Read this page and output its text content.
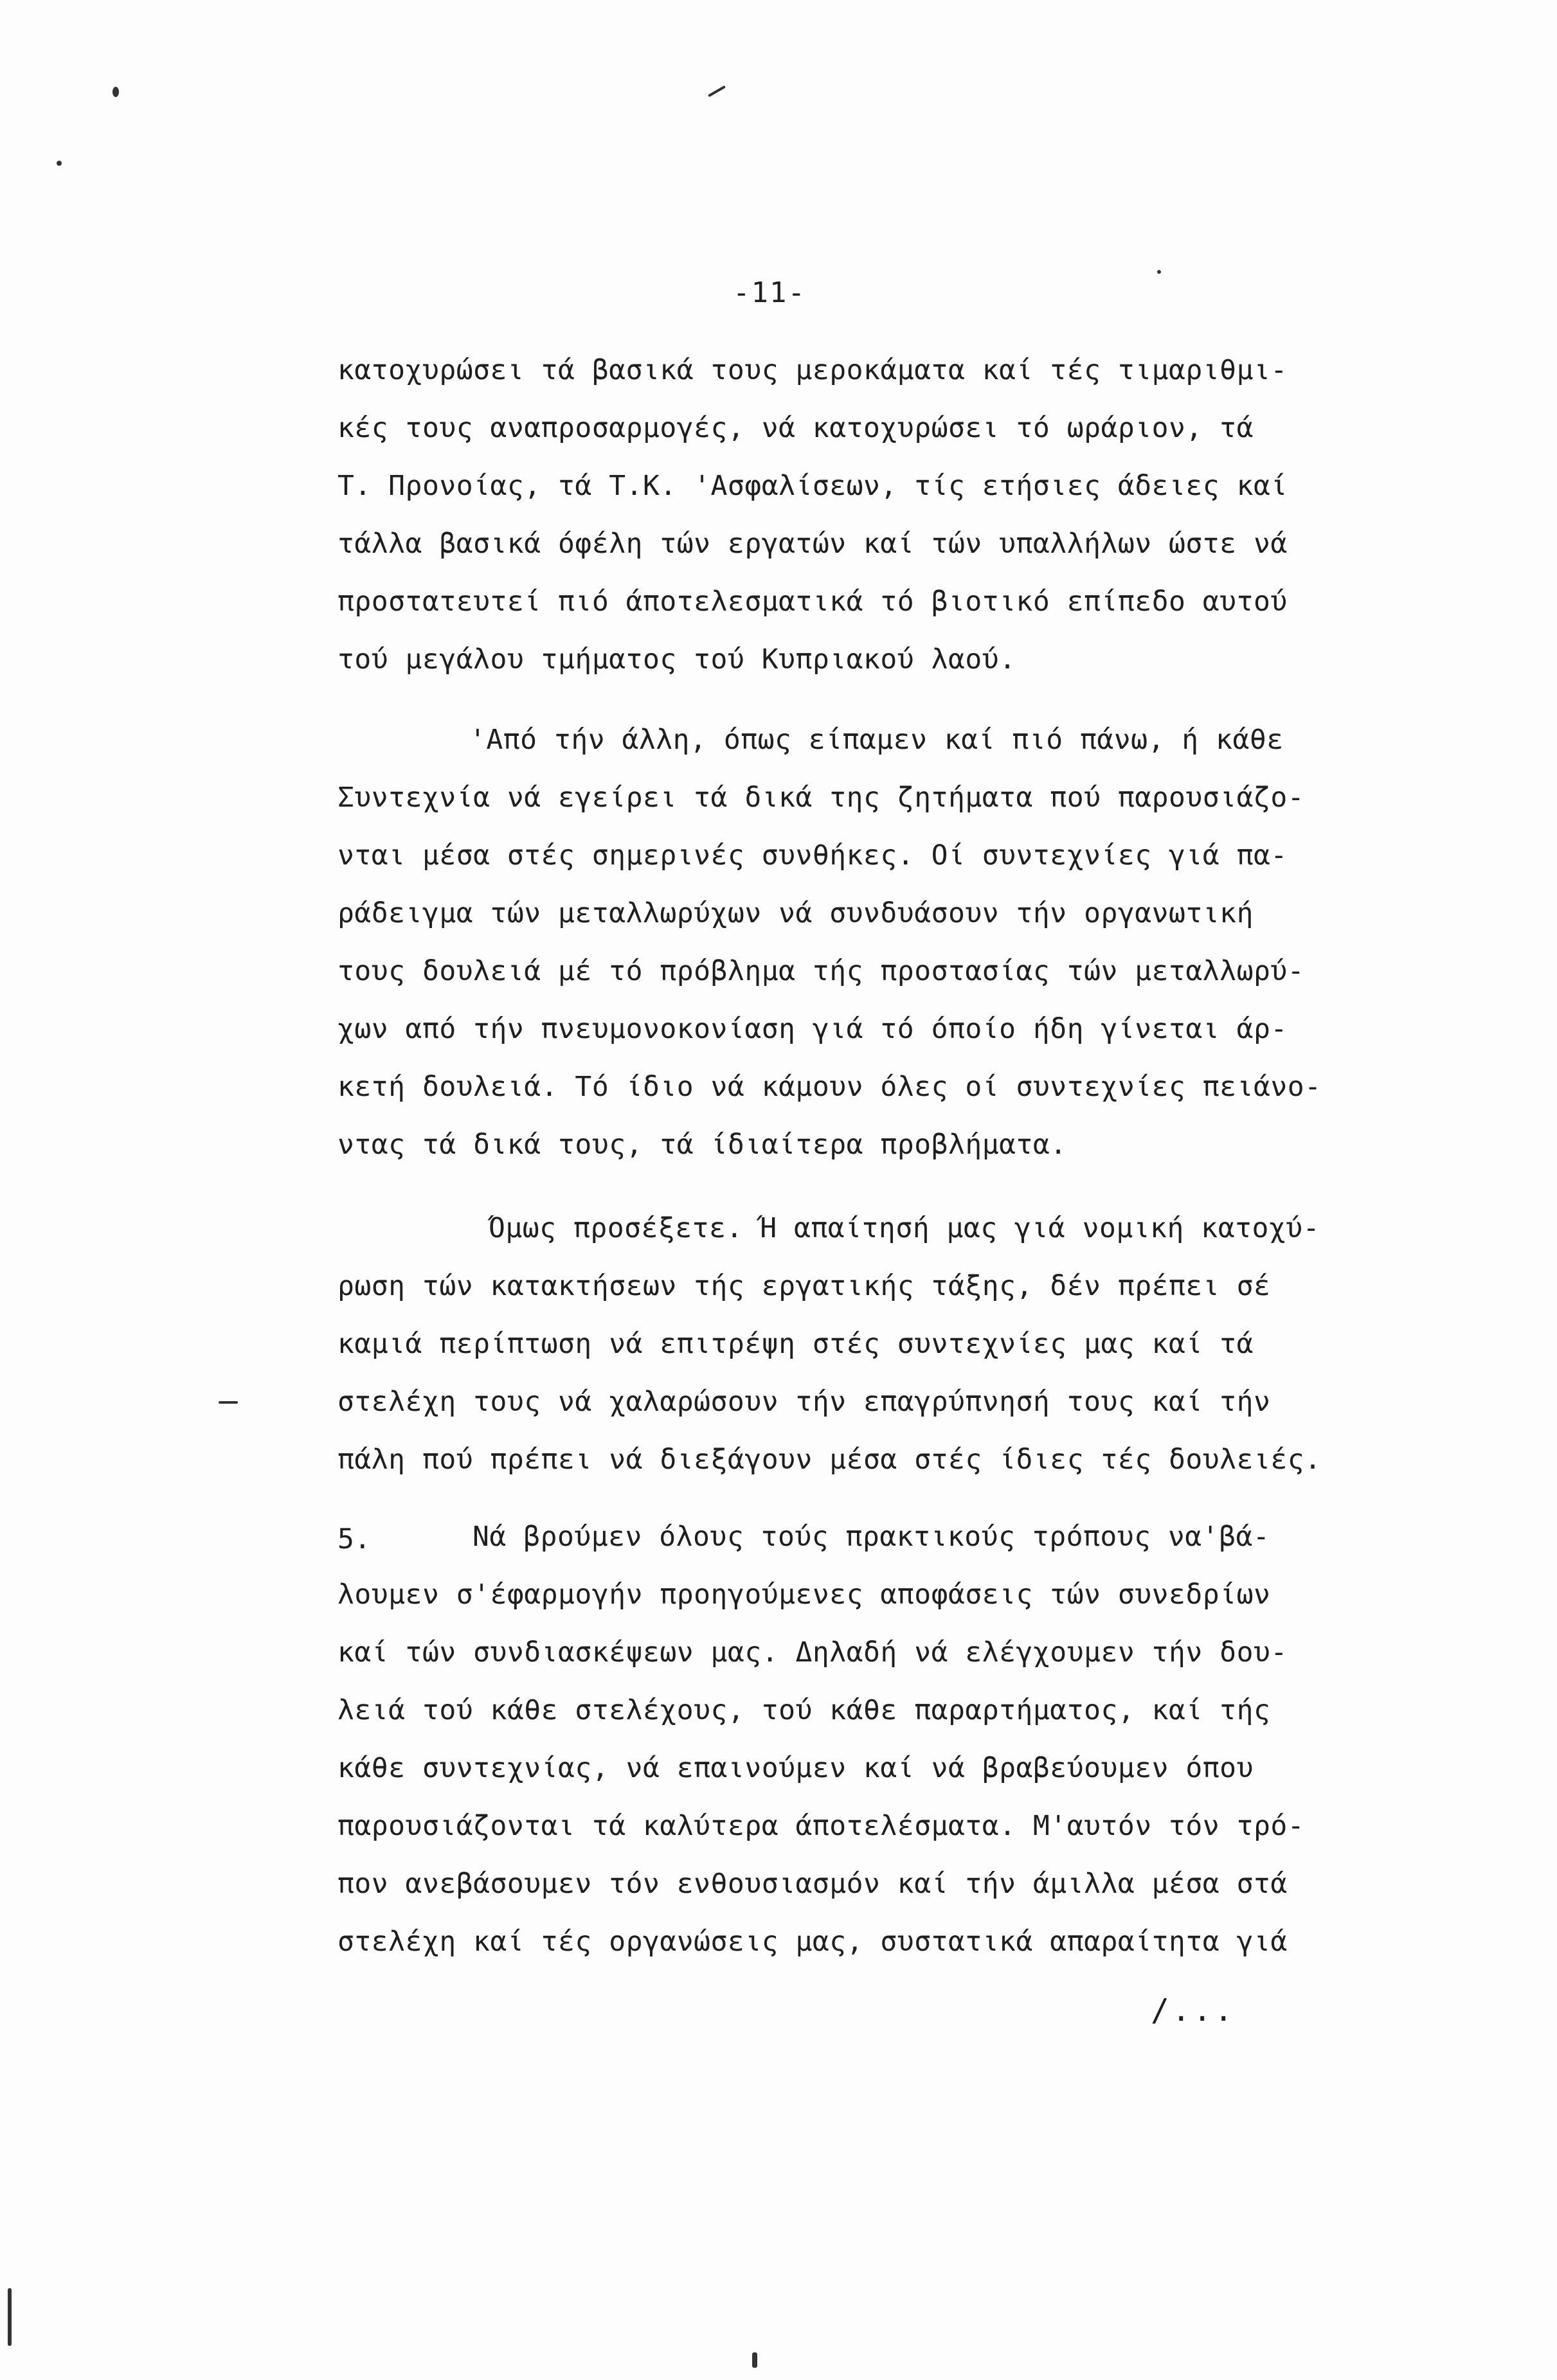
-11-
κατοχυρώσει τά βασικά τους μεροκάματα καί τές τιμαριθμι-
κές τους αναπροσαρμογές, νά κατοχυρώσει τό ωράριον, τά
Τ. Προνοίας, τά Τ.Κ. 'Ασφαλίσεων, τίς ετήσιες άδειες καί
τάλλα βασικά όφέλη τών εργατών καί τών υπαλλήλων ώστε νά
προστατευτεί πιό άποτελεσματικά τό βιοτικό επίπεδο αυτού
τού μεγάλου τμήματος τού Κυπριακού λαού.
'Από τήν άλλη, όπως είπαμεν καί πιό πάνω, ή κάθε
Συντεχνία νά εγείρει τά δικά της ζητήματα πού παρουσιάζο-
νται μέσα στές σημερινές συνθήκες. Οί συντεχνίες γιά πα-
ράδειγμα τών μεταλλωρύχων νά συνδυάσουν τήν οργανωτική
τους δουλειά μέ τό πρόβλημα τής προστασίας τών μεταλλωρύ-
χων από τήν πνευμονοκονίαση γιά τό όποίο ήδη γίνεται άρ-
κετή δουλειά. Τό ίδιο νά κάμουν όλες οί συντεχνίες πειάνο-
ντας τά δικά τους, τά ίδιαίτερα προβλήματα.
Όμως προσέξετε. Ή απαίτησή μας γιά νομική κατοχύ-
ρωση τών κατακτήσεων τής εργατικής τάξης, δέν πρέπει σέ
καμιά περίπτωση νά επιτρέψη στές συντεχνίες μας καί τά
στελέχη τους νά χαλαρώσουν τήν επαγρύπνησή τους καί τήν
πάλη πού πρέπει νά διεξάγουν μέσα στές ίδιες τές δουλειές.
5.	Νά βρούμεν όλους τούς πρακτικούς τρόπους να'βά-
λουμεν σ'έφαρμογήν προηγούμενες αποφάσεις τών συνεδρίων
καί τών συνδιασκέψεων μας. Δηλαδή νά ελέγχουμεν τήν δου-
λειά τού κάθε στελέχους, τού κάθε παραρτήματος, καί τής
κάθε συντεχνίας, νά επαινούμεν καί νά βραβεύουμεν όπου
παρουσιάζονται τά καλύτερα άποτελέσματα. Μ'αυτόν τόν τρό-
πον ανεβάσουμεν τόν ενθουσιασμόν καί τήν άμιλλα μέσα στά
στελέχη καί τές οργανώσεις μας, συστατικά απαραίτητα γιά
/...
